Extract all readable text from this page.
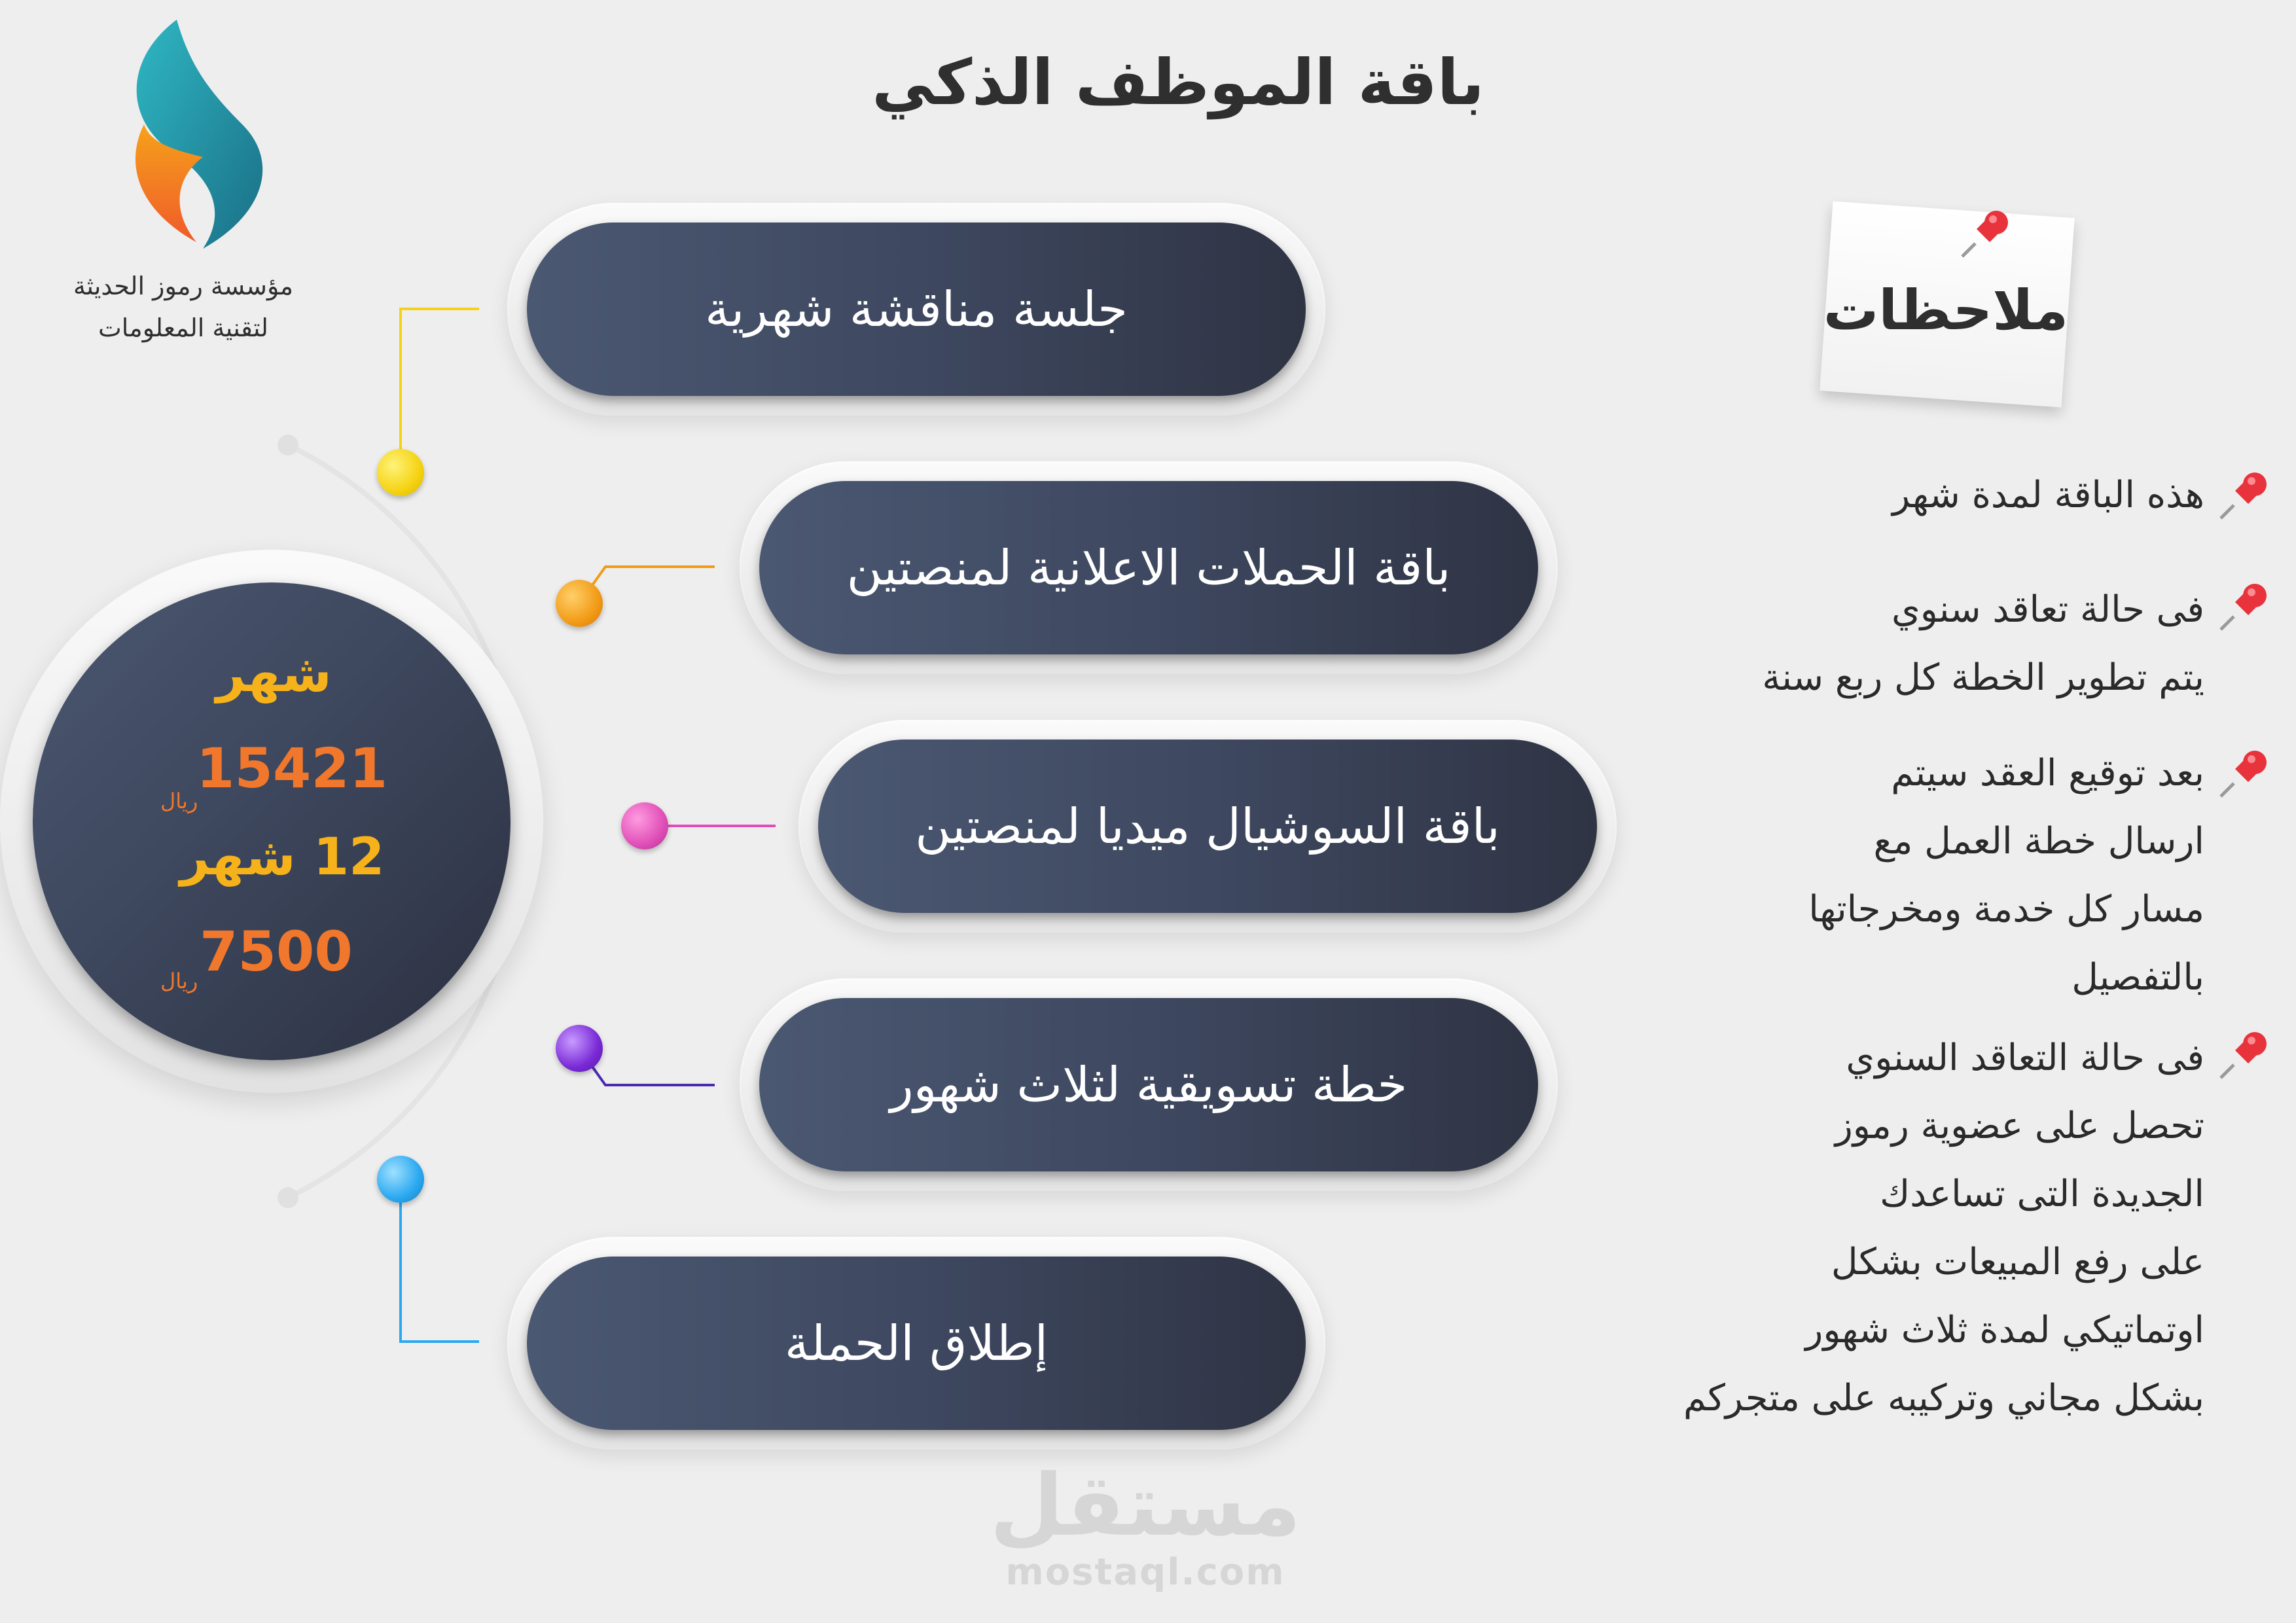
باقة الموظف الذكي
مؤسسة رموز الحديثة
لتقنية المعلومات	جلسة مناقشة شهرية
باقة الحملات الاعلانية لمنصتين
باقة السوشيال ميديا لمنصتين
خطة تسويقية لثلاث شهور
إطلاق الحملة
شهر
15421
ريال
12 شهر
7500
ريال
ملاحظات
هذه الباقة لمدة شهر
فى حالة تعاقد سنوي
يتم تطوير الخطة كل ربع سنة
بعد توقيع العقد سيتم
ارسال خطة العمل مع
مسار كل خدمة ومخرجاتها
بالتفصيل
فى حالة التعاقد السنوي
تحصل على عضوية رموز
الجديدة التى تساعدك
على رفع المبيعات بشكل
اوتماتيكي لمدة ثلاث شهور
بشكل مجاني وتركيبه على متجركم
مستقل
mostaql.com
